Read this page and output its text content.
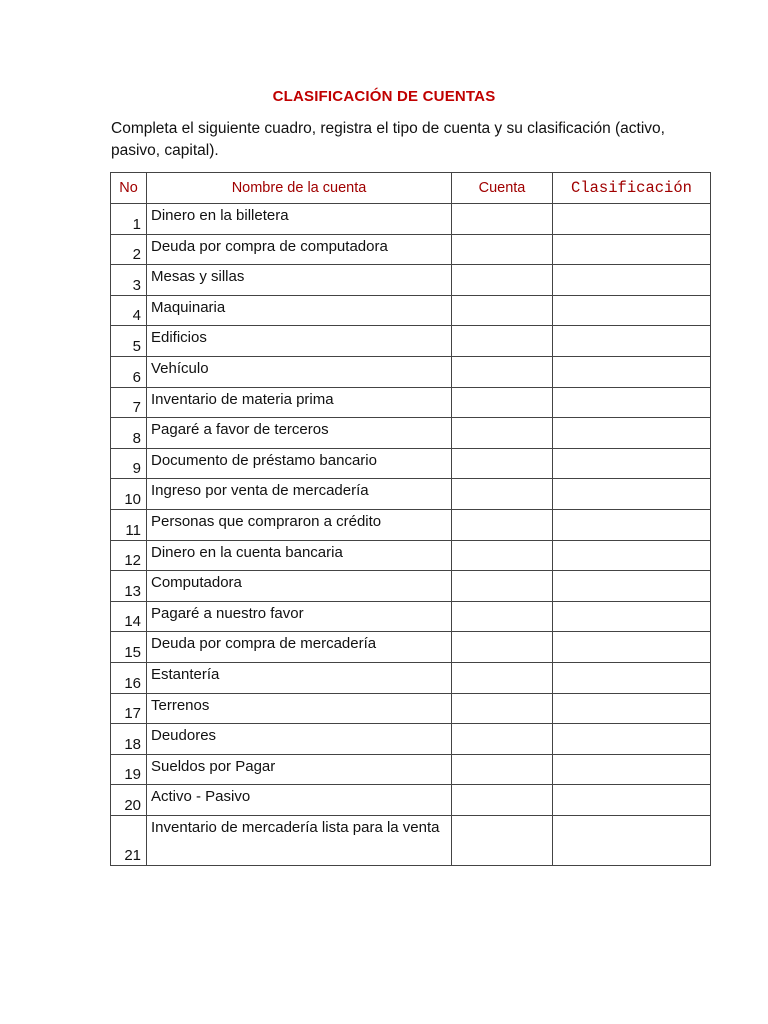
CLASIFICACIÓN DE CUENTAS
Completa el siguiente cuadro, registra el tipo de cuenta y su clasificación (activo, pasivo, capital).
No	Nombre de la cuenta	Cuenta	Clasificación
1	Dinero en la billetera		
2	Deuda por compra de computadora		
3	Mesas y sillas		
4	Maquinaria		
5	Edificios		
6	Vehículo		
7	Inventario de materia prima		
8	Pagaré a favor de terceros		
9	Documento de préstamo bancario		
10	Ingreso por venta de mercadería		
11	Personas que compraron a crédito		
12	Dinero en la cuenta bancaria		
13	Computadora		
14	Pagaré a nuestro favor		
15	Deuda por compra de mercadería		
16	Estantería		
17	Terrenos		
18	Deudores		
19	Sueldos por Pagar		
20	Activo - Pasivo		
21	Inventario de mercadería lista para la venta		
